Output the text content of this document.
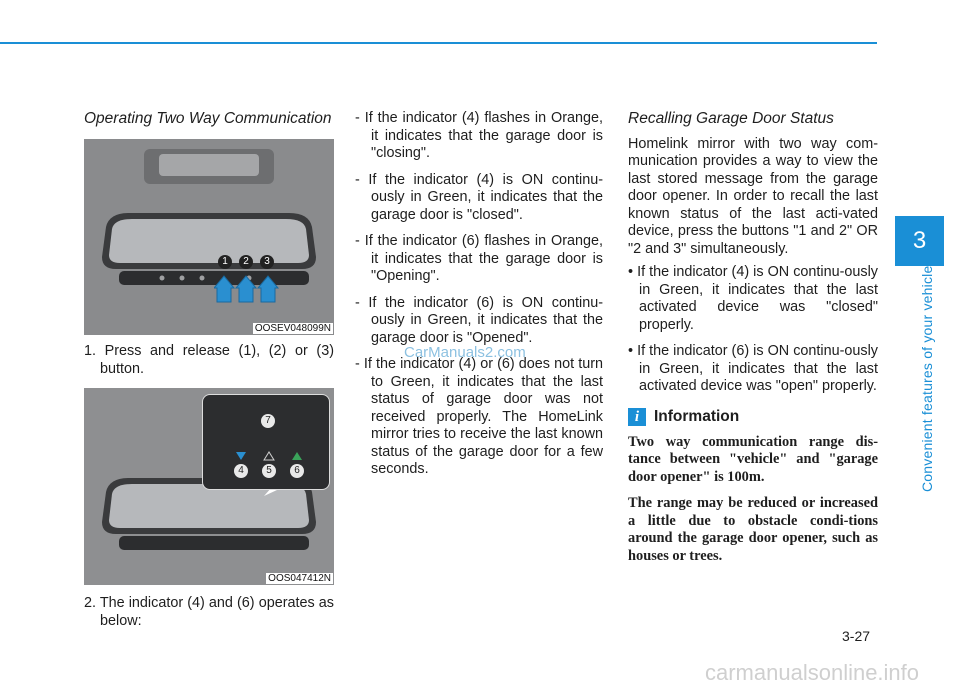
3
Convenient features of your vehicle

Operating Two Way Communication

1	2	3
OOSEV048099N

1. Press and release (1), (2) or (3) button.

7
4	5	6
OOS047412N

2. The indicator (4) and (6) operates as below:

- If the indicator (4) flashes in Orange, it indicates that the garage door is "closing".

- If the indicator (4) is ON continu-ously in Green, it indicates that the garage door is "closed".

- If the indicator (6) flashes in Orange, it indicates that the garage door is "Opening".

- If the indicator (6) is ON continu-ously in Green, it indicates that the garage door is "Opened".

- If the indicator (4) or (6) does not turn to Green, it indicates that the last status of garage door was not received properly. The HomeLink mirror tries to receive the last known status of the garage door for a few seconds.

CarManuals2.com

Recalling Garage Door Status

Homelink mirror with two way com-munication provides a way to view the last stored message from the garage door opener. In order to recall the last known status of the last acti-vated device, press the buttons "1 and 2" OR "2 and 3" simultaneously.

• If the indicator (4) is ON continu-ously in Green, it indicates that the last activated device was "closed" properly.

• If the indicator (6) is ON continu-ously in Green, it indicates that the last activated device was "open" properly.

i Information

Two way communication range dis-tance between "vehicle" and "garage door opener" is 100m.

The range may be reduced or increased a little due to obstacle condi-tions around the garage door opener, such as houses or trees.

3-27
carmanualsonline.info
